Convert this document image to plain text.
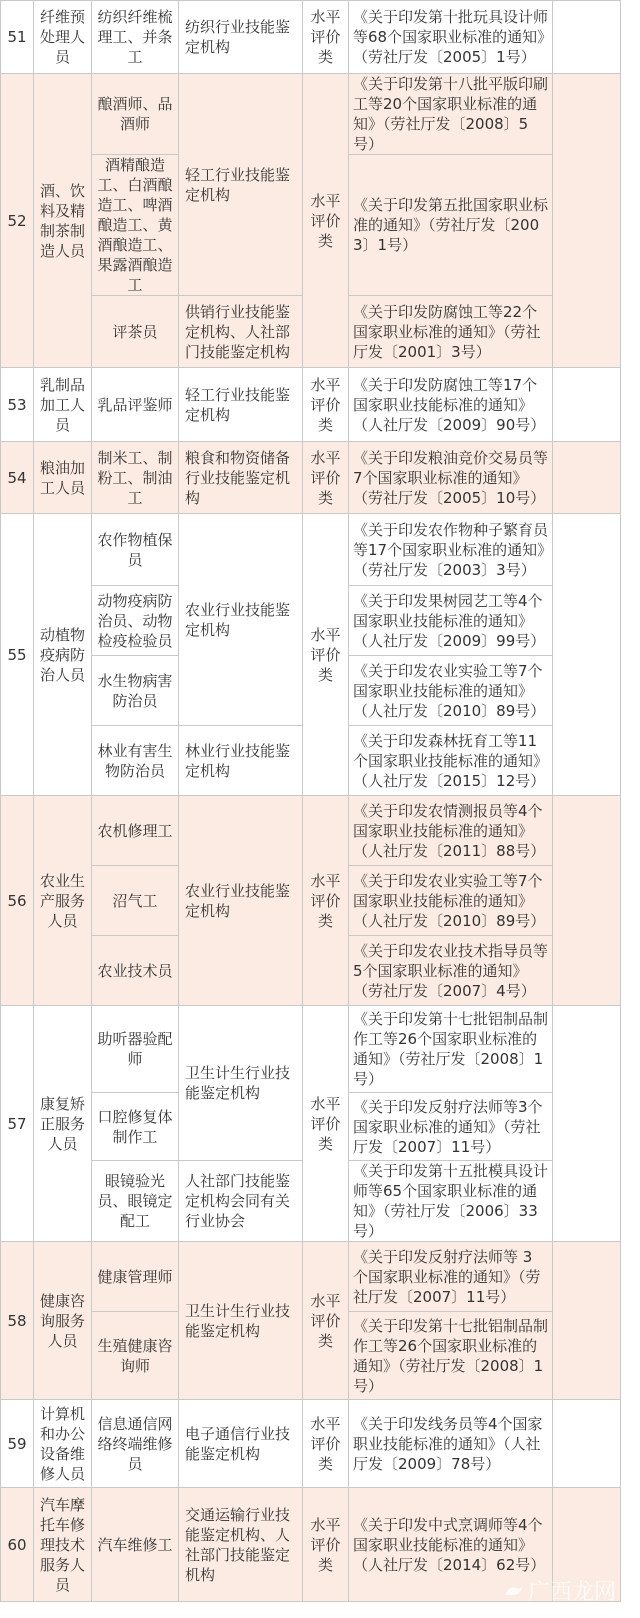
51	纤维预处理人员	纺织纤维梳理工、并条工	纺织行业技能鉴定机构	水平评价类	《关于印发第十批玩具设计师等68个国家职业标准的通知》（劳社厅发〔2005〕1号）	
52	酒、饮料及精制茶制造人员	酿酒师、品酒师	轻工行业技能鉴定机构	水平评价类	《关于印发第十八批平版印刷工等20个国家职业标准的通知》（劳社厅发〔2008〕5号）	
		酒精酿造工、白酒酿造工、啤酒酿造工、黄酒酿造工、果露酒酿造工			《关于印发第五批国家职业标准的通知》（劳社厅发〔2003〕1号）	
		评茶员	供销行业技能鉴定机构、人社部门技能鉴定机构		《关于印发防腐蚀工等22个国家职业标准的通知》（劳社厅发〔2001〕3号）	
53	乳制品加工人员	乳品评鉴师	轻工行业技能鉴定机构	水平评价类	《关于印发防腐蚀工等17个国家职业技能标准的通知》（人社厅发〔2009〕90号）	
54	粮油加工人员	制米工、制粉工、制油工	粮食和物资储备行业技能鉴定机构	水平评价类	《关于印发粮油竞价交易员等7个国家职业标准的通知》（劳社厅发〔2005〕10号）	
55	动植物疫病防治人员	农作物植保员	农业行业技能鉴定机构	水平评价类	《关于印发农作物种子繁育员等17个国家职业标准的通知》（劳社厅发〔2003〕3号）	
		动物疫病防治员、动物检疫检验员			《关于印发果树园艺工等4个国家职业技能标准的通知》（人社厅发〔2009〕99号）	
		水生物病害防治员			《关于印发农业实验工等7个国家职业技能标准的通知》（人社厅发〔2010〕89号）	
		林业有害生物防治员	林业行业技能鉴定机构		《关于印发森林抚育工等11个国家职业技能标准的通知》（人社厅发〔2015〕12号）	
56	农业生产服务人员	农机修理工	农业行业技能鉴定机构	水平评价类	《关于印发农情测报员等4个国家职业技能标准的通知》（人社厅发〔2011〕88号）	
		沼气工			《关于印发农业实验工等7个国家职业技能标准的通知》（人社厅发〔2010〕89号）	
		农业技术员			《关于印发农业技术指导员等5个国家职业标准的通知》（劳社厅发〔2007〕4号）	
57	康复矫正服务人员	助听器验配师	卫生计生行业技能鉴定机构	水平评价类	《关于印发第十七批铝制品制作工等26个国家职业标准的通知》（劳社厅发〔2008〕1号）	
		口腔修复体制作工			《关于印发反射疗法师等3个国家职业标准的通知》（劳社厅发〔2007〕11号）	
		眼镜验光员、眼镜定配工	人社部门技能鉴定机构会同有关行业协会		《关于印发第十五批模具设计师等65个国家职业标准的通知》（劳社厅发〔2006〕33号）	
58	健康咨询服务人员	健康管理师	卫生计生行业技能鉴定机构	水平评价类	《关于印发反射疗法师等 3 个国家职业标准的通知》（劳社厅发〔2007〕11号）	
		生殖健康咨询师			《关于印发第十七批铝制品制作工等26个国家职业标准的通知》（劳社厅发〔2008〕1号）	
59	计算机和办公设备维修人员	信息通信网络终端维修员	电子通信行业技能鉴定机构	水平评价类	《关于印发线务员等4个国家职业技能标准的通知》（人社厅发〔2009〕78号）	
60	汽车摩托车修理技术服务人员	汽车维修工	交通运输行业技能鉴定机构、人社部门技能鉴定机构	水平评价类	《关于印发中式烹调师等4个国家职业技能标准的通知》（人社厅发〔2014〕62号）	
广西龙网
